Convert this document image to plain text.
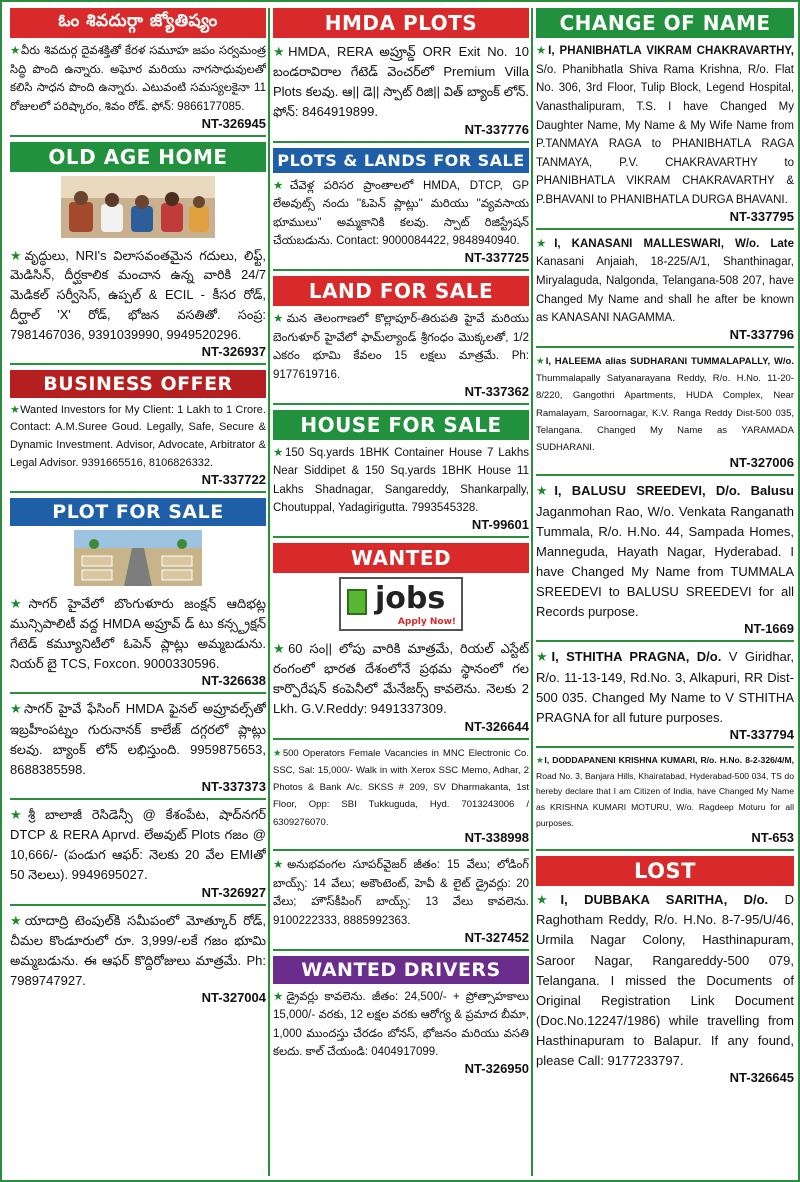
ఓం శివదుర్గా జ్యోతిష్యం
★వీరు శివదుర్గ దైవశక్తితో కేరళ సమూహ జపం సర్వమంత్ర సిద్ధి పొంది ఉన్నారు. అఘోర మరియు నాగసాధువులతో కలిసి సాధన పొంది ఉన్నారు. ఎటువంటి సమస్యలకైనా 11 రోజులలో పరిష్కారం, శివం రోడ్. ఫోన్: 9866177085.
NT-326945
OLD AGE HOME
★వృద్ధులు, NRI's విలాసవంతమైన గదులు, లిఫ్ట్, మెడిసిన్, దీర్ఘకాలిక మంచాన ఉన్న వారికి 24/7 మెడికల్ సర్వీసెస్, ఉప్పల్ & ECIL - కీసర రోడ్, దీర్ఘాల్ 'X' రోడ్, భోజన వసతితో. సంప్ర: 7981467036, 9391039990, 9949520296.
NT-326937
BUSINESS OFFER
★Wanted Investors for My Client: 1 Lakh to 1 Crore. Contact: A.M.Suree Goud. Legally, Safe, Secure & Dynamic Investment. Advisor, Advocate, Arbitrator & Legal Advisor. 9391665516, 8106826332.
NT-337722
PLOT FOR SALE
★సాగర్ హైవేలో బొంగుళూరు జంక్షన్ ఆదిభట్ల మున్సిపాలిటీ వద్ద HMDA అప్రూవ్ డ్ టు కన్స్ట్రక్షన్ గేటెడ్ కమ్యూనిటీలో ఓపెన్ ప్లాట్లు అమ్మబడును. నియర్ బై TCS, Foxcon. 9000330596.
NT-326638
★సాగర్ హైవే ఫేసింగ్ HMDA ఫైనల్ అప్రూవల్స్‌తో ఇబ్రహీంపట్నం గురునానక్ కాలేజ్ దగ్గరలో ప్లాట్లు కలవు. బ్యాంక్ లోన్ లభిస్తుంది. 9959875653, 8688385598.
NT-337373
★శ్రీ బాలాజీ రెసిడెన్సీ @ కేశంపేట, షాద్‌నగర్ DTCP & RERA Aprvd. లేఅవుట్ Plots గజం @ 10,666/- (పండుగ ఆఫర్: నెలకు 20 వేల EMIతో 50 నెలలు). 9949695027.
NT-326927
★యాదాద్రి టెంపుల్‌కి సమీపంలో మోత్కూర్ రోడ్, చీమల కొండూరులో రూ. 3,999/-లకే గజం భూమి అమ్మబడును. ఈ ఆఫర్ కొద్దిరోజులు మాత్రమే. Ph: 7989747927.
NT-327004
HMDA PLOTS
★HMDA, RERA అప్రూవ్డ్ ORR Exit No. 10 బండరావిరాల గేటెడ్ వెంచర్‌లో Premium Villa Plots కలవు. ఆ|| డె|| స్పాట్ రిజి|| విత్ బ్యాంక్ లోన్. ఫోన్: 8464919899.
NT-337776
PLOTS & LANDS FOR SALE
★చేవెళ్ల పరిసర ప్రాంతాలలో HMDA, DTCP, GP లేఅవుట్స్ నందు ''ఓపెన్ ప్లాట్లు'' మరియు ''వ్యవసాయ భూములు'' అమ్మకానికి కలవు. స్పాట్ రిజిస్ట్రేషన్ చేయబడును. Contact: 9000084422, 9848940940.
NT-337725
LAND FOR SALE
★మన తెలంగాణలో కొల్లాపూర్-తిరుపతి హైవే మరియు బెంగుళూర్ హైవేలో ఫామ్‌ల్యాండ్ శ్రీగంధం మొక్కలతో, 1/2 ఎకరం భూమి కేవలం 15 లక్షలు మాత్రమే. Ph: 9177619716.
NT-337362
HOUSE FOR SALE
★150 Sq.yards 1BHK Container House 7 Lakhs Near Siddipet & 150 Sq.yards 1BHK House 11 Lakhs Shadnagar, Sangareddy, Shankarpally, Choutuppal, Yadagirigutta. 7993545328.
NT-99601
WANTED
jobs
Apply Now!
★60 సం|| లోపు వారికి మాత్రమే, రియల్ ఎస్టేట్ రంగంలో భారత దేశంలోనే ప్రథమ స్థానంలో గల కార్పొరేషన్ కంపెనీలో మేనేజర్స్ కావలెను. నెలకు 2 Lkh. G.V.Reddy: 9491337309.
NT-326644
★500 Operators Female Vacancies in MNC Electronic Co. SSC, Sal: 15,000/- Walk in with Xerox SSC Memo, Adhar, 2 Photos & Bank A/c. SKSS # 209, SV Dharmakanta, 1st Floor, Opp: SBI Tukkuguda, Hyd. 7013243006 / 6309276070.
NT-338998
★అనుభవంగల సూపర్‌వైజర్ జీతం: 15 వేలు; లోడింగ్ బాయ్స్: 14 వేలు; అకౌంటెంట్, హెవీ & లైట్ డ్రైవర్లు: 20 వేలు; హౌస్‌కీపింగ్ బాయ్స్: 13 వేలు కావలెను. 9100222333, 8885992363.
NT-327452
WANTED DRIVERS
★డ్రైవర్లు కావలెను. జీతం: 24,500/- + ప్రోత్సాహకాలు 15,000/- వరకు, 12 లక్షల వరకు ఆరోగ్య & ప్రమాద బీమా, 1,000 ముందస్తు చేరడం బోనస్, భోజనం మరియు వసతి కలదు. కాల్ చేయండి: 0404917099.
NT-326950
CHANGE OF NAME
★I, PHANIBHATLA VIKRAM CHAKRAVARTHY, S/o. Phanibhatla Shiva Rama Krishna, R/o. Flat No. 306, 3rd Floor, Tulip Block, Legend Hospital, Vanasthalipuram, T.S. I have Changed My Daughter Name, My Name & My Wife Name from P.TANMAYA RAGA to PHANIBHATLA RAGA TANMAYA, P.V. CHAKRAVARTHY to PHANIBHATLA VIKRAM CHAKRAVARTHY & P.BHAVANI to PHANIBHATLA DURGA BHAVANI.
NT-337795
★I, KANASANI MALLESWARI, W/o. Late Kanasani Anjaiah, 18-225/A/1, Shanthinagar, Miryalaguda, Nalgonda, Telangana-508 207, have Changed My Name and shall he after be known as KANASANI NAGAMMA.
NT-337796
★I, HALEEMA alias SUDHARANI TUMMALAPALLY, W/o. Thummalapally Satyanarayana Reddy, R/o. H.No. 11-20-8/220, Gangothri Apartments, HUDA Complex, Near Ramalayam, Saroornagar, K.V. Ranga Reddy Dist-500 035, Telangana. Changed My Name as YARAMADA SUDHARANI.
NT-327006
★I, BALUSU SREEDEVI, D/o. Balusu Jaganmohan Rao, W/o. Venkata Ranganath Tummala, R/o. H.No. 44, Sampada Homes, Manneguda, Hayath Nagar, Hyderabad. I have Changed My Name from TUMMALA SREEDEVI to BALUSU SREEDEVI for all Records purpose.
NT-1669
★I, STHITHA PRAGNA, D/o. V Giridhar, R/o. 11-13-149, Rd.No. 3, Alkapuri, RR Dist-500 035. Changed My Name to V STHITHA PRAGNA for all future purposes.
NT-337794
★I, DODDAPANENI KRISHNA KUMARI, R/o. H.No. 8-2-326/4/M, Road No. 3, Banjara Hills, Khairatabad, Hyderabad-500 034, TS do hereby declare that I am Citizen of India, have Changed My Name as KRISHNA KUMARI MOTURU, W/o. Ragdeep Moturu for all purposes.
NT-653
LOST
★I, DUBBAKA SARITHA, D/o. D Raghotham Reddy, R/o. H.No. 8-7-95/U/46, Urmila Nagar Colony, Hasthinapuram, Saroor Nagar, Rangareddy-500 079, Telangana. I missed the Documents of Original Registration Link Document (Doc.No.12247/1986) while travelling from Hasthinapuram to Balapur. If any found, please Call: 9177233797.
NT-326645
